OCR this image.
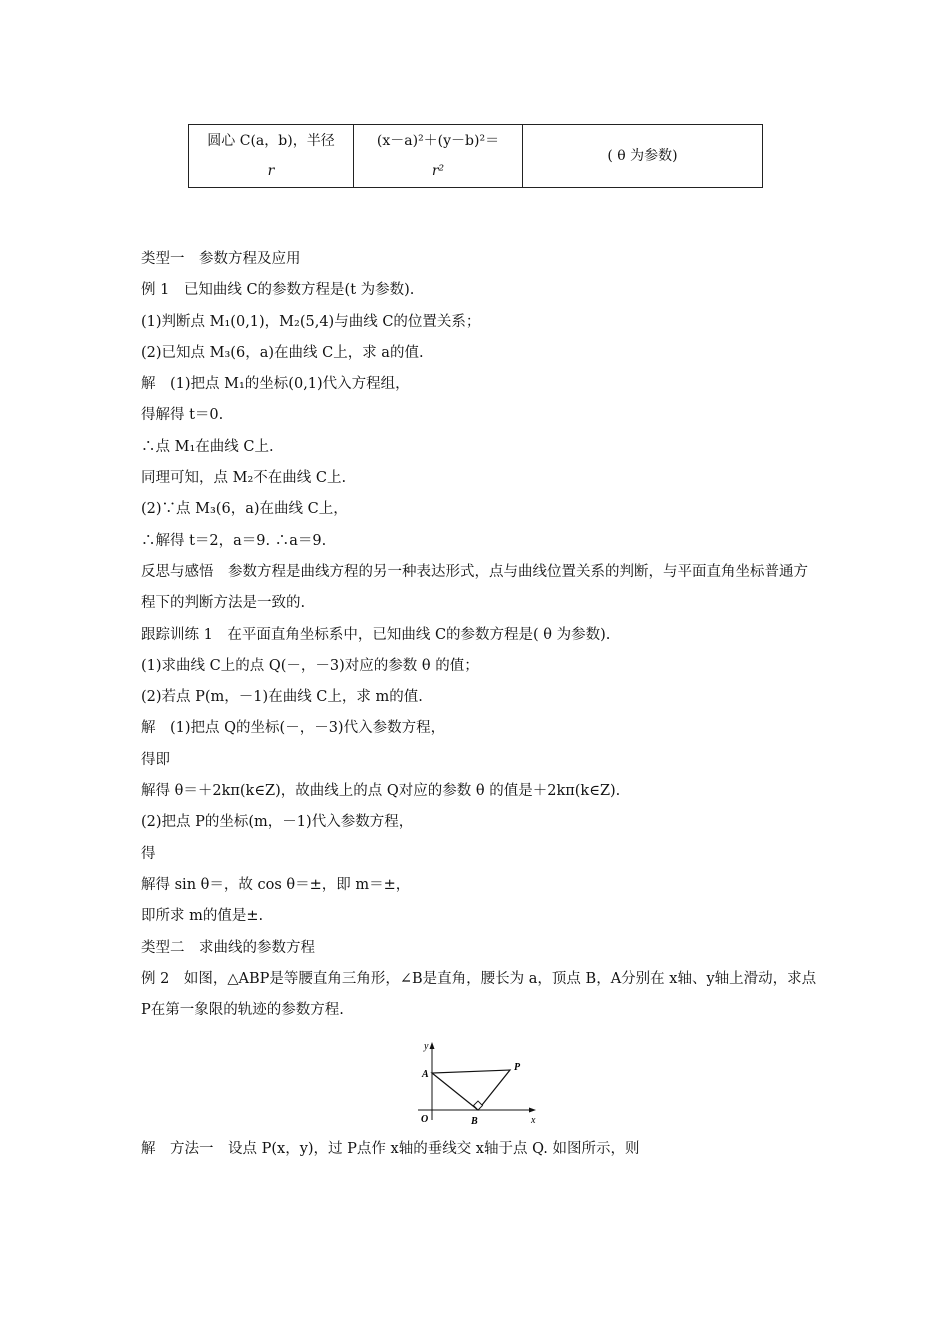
圆心 C(a，b)，半径
r

(x－a)²＋(y－b)²＝
r²

( θ 为参数)
类型一　参数方程及应用
例 1　已知曲线 C的参数方程是(t 为参数).
(1)判断点 M₁(0,1)，M₂(5,4)与曲线 C的位置关系；
(2)已知点 M₃(6，a)在曲线 C上，求 a的值.
解　(1)把点 M₁的坐标(0,1)代入方程组，
得解得 t＝0.
∴点 M₁在曲线 C上.
同理可知，点 M₂不在曲线 C上.
(2)∵点 M₃(6，a)在曲线 C上，
∴解得 t＝2，a＝9. ∴a＝9.
反思与感悟　参数方程是曲线方程的另一种表达形式，点与曲线位置关系的判断，与平面直角坐标普通方程下的判断方法是一致的.
跟踪训练 1　在平面直角坐标系中，已知曲线 C的参数方程是( θ 为参数).
(1)求曲线 C上的点 Q(－，－3)对应的参数 θ 的值；
(2)若点 P(m，－1)在曲线 C上，求 m的值.
解　(1)把点 Q的坐标(－，－3)代入参数方程，
得即
解得 θ＝＋2kπ(k∈Z)，故曲线上的点 Q对应的参数 θ 的值是＋2kπ(k∈Z).
(2)把点 P的坐标(m，－1)代入参数方程，
得
解得 sin θ＝，故 cos θ＝±，即 m＝±，
即所求 m的值是±.
类型二　求曲线的参数方程
例 2　如图，△ABP是等腰直角三角形，∠B是直角，腰长为 a，顶点 B，A分别在 x轴、y轴上滑动，求点 P在第一象限的轨迹的参数方程.
y
x
O
A
B
P
解　方法一　设点 P(x，y)，过 P点作 x轴的垂线交 x轴于点 Q. 如图所示，则
